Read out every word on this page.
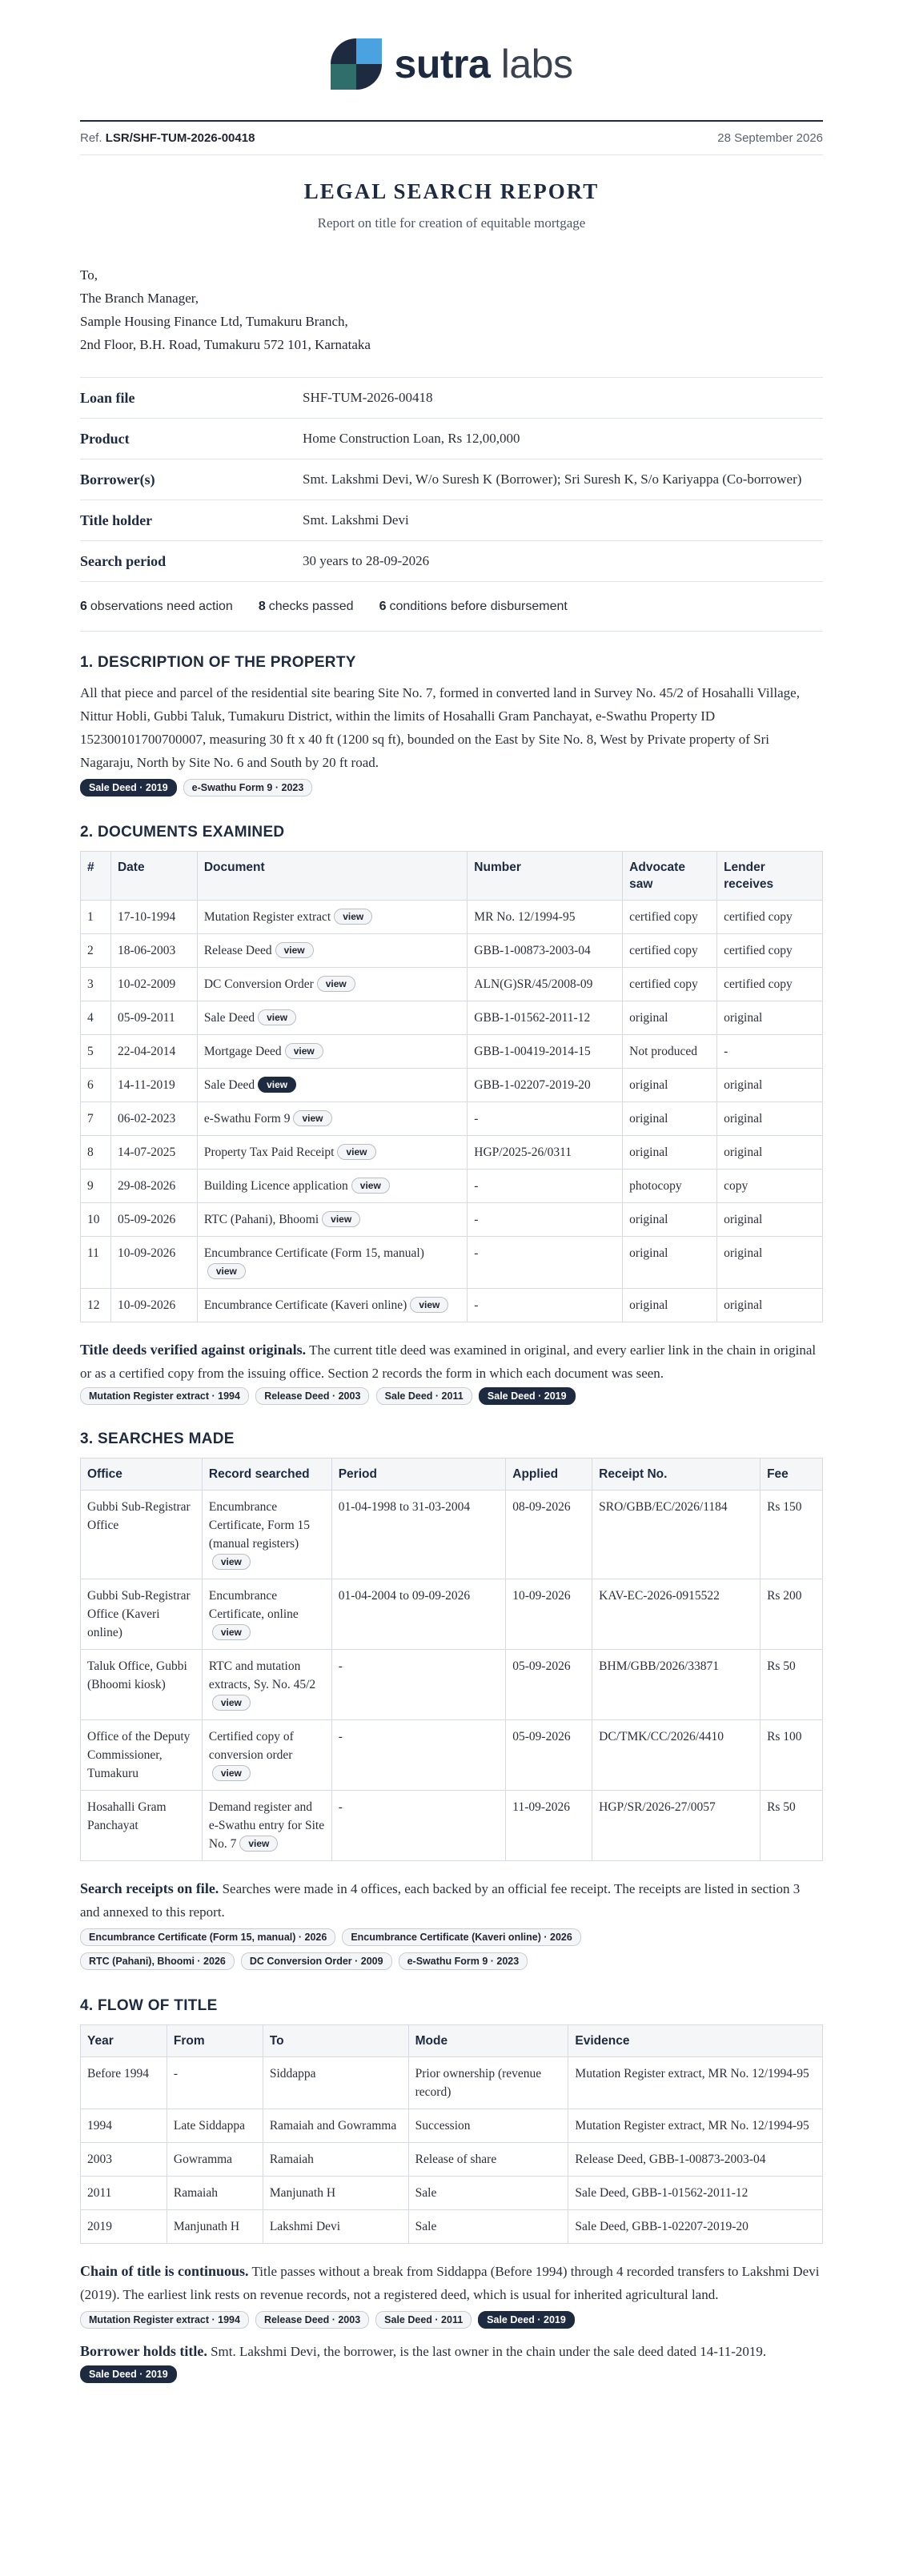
sutra labs
Ref. LSR/SHF-TUM-2026-00418	28 September 2026
LEGAL SEARCH REPORT
Report on title for creation of equitable mortgage
To,
The Branch Manager,
Sample Housing Finance Ltd, Tumakuru Branch,
2nd Floor, B.H. Road, Tumakuru 572 101, Karnataka
Loan file	SHF-TUM-2026-00418
Product	Home Construction Loan, Rs 12,00,000
Borrower(s)	Smt. Lakshmi Devi, W/o Suresh K (Borrower); Sri Suresh K, S/o Kariyappa (Co-borrower)
Title holder	Smt. Lakshmi Devi
Search period	30 years to 28-09-2026
6 observations need action 8 checks passed 6 conditions before disbursement
1. DESCRIPTION OF THE PROPERTY
All that piece and parcel of the residential site bearing Site No. 7, formed in converted land in Survey No. 45/2 of Hosahalli Village, Nittur Hobli, Gubbi Taluk, Tumakuru District, within the limits of Hosahalli Gram Panchayat, e-Swathu Property ID 152300101700700007, measuring 30 ft x 40 ft (1200 sq ft), bounded on the East by Site No. 8, West by Private property of Sri Nagaraju, North by Site No. 6 and South by 20 ft road.
Sale Deed · 2019 e-Swathu Form 9 · 2023
2. DOCUMENTS EXAMINED
#	Date	Document	Number	Advocate saw	Lender receives
1	17-10-1994	Mutation Register extract view	MR No. 12/1994-95	certified copy	certified copy
2	18-06-2003	Release Deed view	GBB-1-00873-2003-04	certified copy	certified copy
3	10-02-2009	DC Conversion Order view	ALN(G)SR/45/2008-09	certified copy	certified copy
4	05-09-2011	Sale Deed view	GBB-1-01562-2011-12	original	original
5	22-04-2014	Mortgage Deed view	GBB-1-00419-2014-15	Not produced	-
6	14-11-2019	Sale Deed view	GBB-1-02207-2019-20	original	original
7	06-02-2023	e-Swathu Form 9 view	-	original	original
8	14-07-2025	Property Tax Paid Receipt view	HGP/2025-26/0311	original	original
9	29-08-2026	Building Licence application view	-	photocopy	copy
10	05-09-2026	RTC (Pahani), Bhoomi view	-	original	original
11	10-09-2026	Encumbrance Certificate (Form 15, manual)view	-	original	original
12	10-09-2026	Encumbrance Certificate (Kaveri online) view	-	original	original
Title deeds verified against originals. The current title deed was examined in original, and every earlier link in the chain in original or as a certified copy from the issuing office. Section 2 records the form in which each document was seen. Mutation Register extract · 1994 Release Deed · 2003 Sale Deed · 2011 Sale Deed · 2019
3. SEARCHES MADE
Office	Record searched	Period	Applied	Receipt No.	Fee
Gubbi Sub-Registrar Office	Encumbrance Certificate, Form 15 (manual registers)view	01-04-1998 to 31-03-2004	08-09-2026	SRO/GBB/EC/2026/1184	Rs 150
Gubbi Sub-Registrar Office (Kaveri online)	Encumbrance Certificate, onlineview	01-04-2004 to 09-09-2026	10-09-2026	KAV-EC-2026-0915522	Rs 200
Taluk Office, Gubbi (Bhoomi kiosk)	RTC and mutation extracts, Sy. No. 45/2view	-	05-09-2026	BHM/GBB/2026/33871	Rs 50
Office of the Deputy Commissioner, Tumakuru	Certified copy of conversion orderview	-	05-09-2026	DC/TMK/CC/2026/4410	Rs 100
Hosahalli Gram Panchayat	Demand register and e-Swathu entry for Site No. 7 view	-	11-09-2026	HGP/SR/2026-27/0057	Rs 50
Search receipts on file. Searches were made in 4 offices, each backed by an official fee receipt. The receipts are listed in section 3 and annexed to this report.
Encumbrance Certificate (Form 15, manual) · 2026 Encumbrance Certificate (Kaveri online) · 2026
RTC (Pahani), Bhoomi · 2026 DC Conversion Order · 2009 e-Swathu Form 9 · 2023
4. FLOW OF TITLE
Year	From	To	Mode	Evidence
Before 1994	-	Siddappa	Prior ownership (revenue record)	Mutation Register extract, MR No. 12/1994-95
1994	Late Siddappa	Ramaiah and Gowramma	Succession	Mutation Register extract, MR No. 12/1994-95
2003	Gowramma	Ramaiah	Release of share	Release Deed, GBB-1-00873-2003-04
2011	Ramaiah	Manjunath H	Sale	Sale Deed, GBB-1-01562-2011-12
2019	Manjunath H	Lakshmi Devi	Sale	Sale Deed, GBB-1-02207-2019-20
Chain of title is continuous. Title passes without a break from Siddappa (Before 1994) through 4 recorded transfers to Lakshmi Devi (2019). The earliest link rests on revenue records, not a registered deed, which is usual for inherited agricultural land.
Mutation Register extract · 1994 Release Deed · 2003 Sale Deed · 2011 Sale Deed · 2019
Borrower holds title. Smt. Lakshmi Devi, the borrower, is the last owner in the chain under the sale deed dated 14-11-2019. Sale Deed · 2019
